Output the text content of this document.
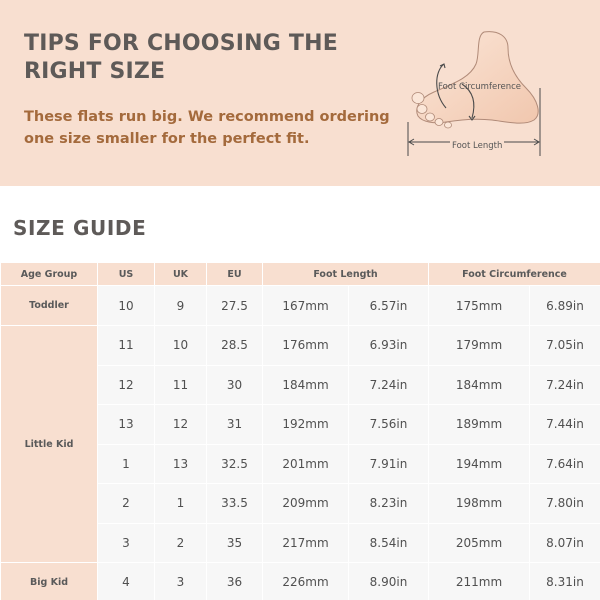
TIPS FOR CHOOSING THE RIGHT SIZE
These flats run big. We recommend ordering one size smaller for the perfect fit.
Foot Circumference
Foot Length
SIZE GUIDE
Age Group	US	UK	EU	Foot Length		Foot Circumference	
Toddler	10	9	27.5	167mm	6.57in	175mm	6.89in
Little Kid	11	10	28.5	176mm	6.93in	179mm	7.05in
	12	11	30	184mm	7.24in	184mm	7.24in
	13	12	31	192mm	7.56in	189mm	7.44in
	1	13	32.5	201mm	7.91in	194mm	7.64in
	2	1	33.5	209mm	8.23in	198mm	7.80in
	3	2	35	217mm	8.54in	205mm	8.07in
Big Kid	4	3	36	226mm	8.90in	211mm	8.31in
